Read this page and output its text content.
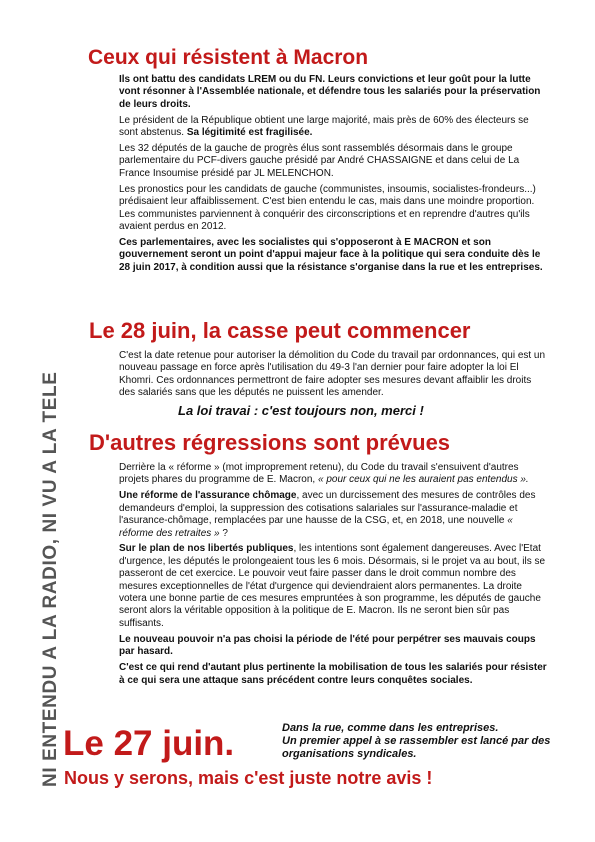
NI ENTENDU A LA RADIO, NI VU A LA TELE
Ceux qui résistent à Macron

Ils ont battu des candidats LREM ou du FN. Leurs convictions et leur goût pour la lutte vont résonner à l'Assemblée nationale, et défendre tous les salariés pour la préservation de leurs droits.

Le président de la République obtient une large majorité, mais près de 60% des électeurs se sont abstenus. Sa légitimité est fragilisée.

Les 32 députés de la gauche de progrès élus sont rassemblés désormais dans le groupe parlementaire du PCF-divers gauche présidé par André CHASSAIGNE et dans celui de La France Insoumise présidé par JL MELENCHON.

Les pronostics pour les candidats de gauche (communistes, insoumis, socialistes-frondeurs...) prédisaient leur affaiblissement. C'est bien entendu le cas, mais dans une moindre proportion. Les communistes parviennent à conquérir des circonscriptions et en reprendre d'autres qu'ils avaient perdus en 2012.

Ces parlementaires, avec les socialistes qui s'opposeront à E MACRON et son gouvernement seront un point d'appui majeur face à la politique qui sera conduite dès le 28 juin 2017, à condition aussi que la résistance s'organise dans la rue et les entreprises.

Le 28 juin, la casse peut commencer

C'est la date retenue pour autoriser la démolition du Code du travail par ordonnances, qui est un nouveau passage en force après l'utilisation du 49-3 l'an dernier pour faire adopter la loi El Khomri. Ces ordonnances permettront de faire adopter ses mesures devant affaiblir les droits des salariés sans que les députés ne puissent les amender.

La loi travai : c'est toujours non, merci !
D'autres régressions sont prévues

Derrière la « réforme » (mot improprement retenu), du Code du travail s'ensuivent d'autres projets phares du programme de E. Macron, « pour ceux qui ne les auraient pas entendus ».

Une réforme de l'assurance chômage, avec un durcissement des mesures de contrôles des demandeurs d'emploi, la suppression des cotisations salariales sur l'assurance-maladie et l'asurance-chômage, remplacées par une hausse de la CSG, et, en 2018, une nouvelle « réforme des retraites » ?

Sur le plan de nos libertés publiques, les intentions sont également dangereuses. Avec l'Etat d'urgence, les députés le prolongeaient tous les 6 mois. Désormais, si le projet va au bout, ils se passeront de cet exercice. Le pouvoir veut faire passer dans le droit commun nombre des mesures exceptionnelles de l'état d'urgence qui deviendraient alors permanentes. La droite votera une bonne partie de ces mesures empruntées à son programme, les députés de gauche seront alors la véritable opposition à la politique de E. Macron. Ils ne seront bien sûr pas suffisants.

Le nouveau pouvoir n'a pas choisi la période de l'été pour perpétrer ses mauvais coups par hasard.

C'est ce qui rend d'autant plus pertinente la mobilisation de tous les salariés pour résister à ce qui sera une attaque sans précédent contre leurs conquêtes sociales.

Le 27 juin.	Dans la rue, comme dans les entreprises.
Un premier appel à se rassembler est lancé par des organisations syndicales.
Nous y serons, mais c'est juste notre avis !
